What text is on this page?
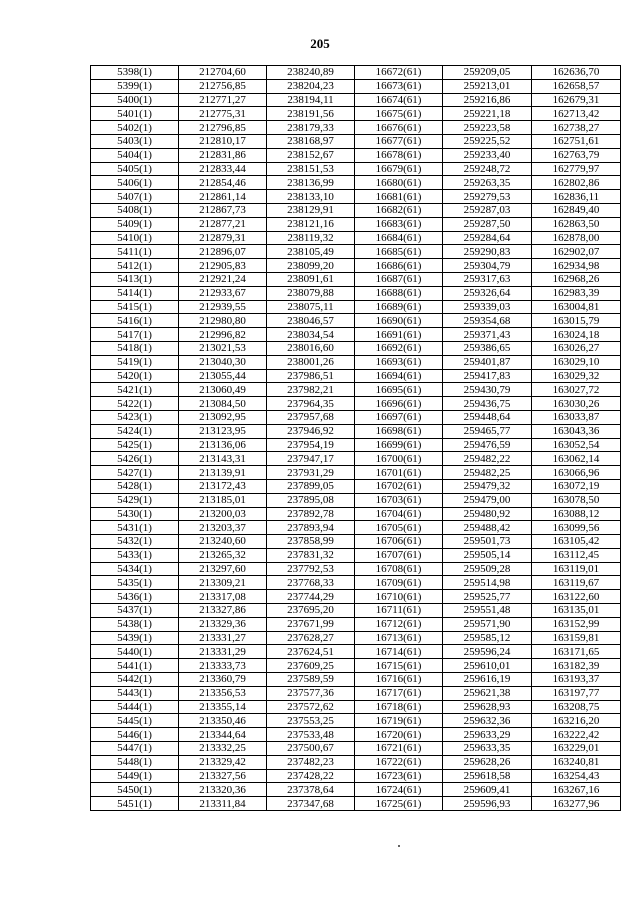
205
5398(1)	212704,60	238240,89	16672(61)	259209,05	162636,70
5399(1)	212756,85	238204,23	16673(61)	259213,01	162658,57
5400(1)	212771,27	238194,11	16674(61)	259216,86	162679,31
5401(1)	212775,31	238191,56	16675(61)	259221,18	162713,42
5402(1)	212796,85	238179,33	16676(61)	259223,58	162738,27
5403(1)	212810,17	238168,97	16677(61)	259225,52	162751,61
5404(1)	212831,86	238152,67	16678(61)	259233,40	162763,79
5405(1)	212833,44	238151,53	16679(61)	259248,72	162779,97
5406(1)	212854,46	238136,99	16680(61)	259263,35	162802,86
5407(1)	212861,14	238133,10	16681(61)	259279,53	162836,11
5408(1)	212867,73	238129,91	16682(61)	259287,03	162849,40
5409(1)	212877,21	238121,16	16683(61)	259287,50	162863,50
5410(1)	212879,31	238119,32	16684(61)	259284,64	162878,00
5411(1)	212896,07	238105,49	16685(61)	259290,83	162902,07
5412(1)	212905,83	238099,20	16686(61)	259304,79	162934,98
5413(1)	212921,24	238091,61	16687(61)	259317,63	162968,26
5414(1)	212933,67	238079,88	16688(61)	259326,64	162983,39
5415(1)	212939,55	238075,11	16689(61)	259339,03	163004,81
5416(1)	212980,80	238046,57	16690(61)	259354,68	163015,79
5417(1)	212996,82	238034,54	16691(61)	259371,43	163024,18
5418(1)	213021,53	238016,60	16692(61)	259386,65	163026,27
5419(1)	213040,30	238001,26	16693(61)	259401,87	163029,10
5420(1)	213055,44	237986,51	16694(61)	259417,83	163029,32
5421(1)	213060,49	237982,21	16695(61)	259430,79	163027,72
5422(1)	213084,50	237964,35	16696(61)	259436,75	163030,26
5423(1)	213092,95	237957,68	16697(61)	259448,64	163033,87
5424(1)	213123,95	237946,92	16698(61)	259465,77	163043,36
5425(1)	213136,06	237954,19	16699(61)	259476,59	163052,54
5426(1)	213143,31	237947,17	16700(61)	259482,22	163062,14
5427(1)	213139,91	237931,29	16701(61)	259482,25	163066,96
5428(1)	213172,43	237899,05	16702(61)	259479,32	163072,19
5429(1)	213185,01	237895,08	16703(61)	259479,00	163078,50
5430(1)	213200,03	237892,78	16704(61)	259480,92	163088,12
5431(1)	213203,37	237893,94	16705(61)	259488,42	163099,56
5432(1)	213240,60	237858,99	16706(61)	259501,73	163105,42
5433(1)	213265,32	237831,32	16707(61)	259505,14	163112,45
5434(1)	213297,60	237792,53	16708(61)	259509,28	163119,01
5435(1)	213309,21	237768,33	16709(61)	259514,98	163119,67
5436(1)	213317,08	237744,29	16710(61)	259525,77	163122,60
5437(1)	213327,86	237695,20	16711(61)	259551,48	163135,01
5438(1)	213329,36	237671,99	16712(61)	259571,90	163152,99
5439(1)	213331,27	237628,27	16713(61)	259585,12	163159,81
5440(1)	213331,29	237624,51	16714(61)	259596,24	163171,65
5441(1)	213333,73	237609,25	16715(61)	259610,01	163182,39
5442(1)	213360,79	237589,59	16716(61)	259616,19	163193,37
5443(1)	213356,53	237577,36	16717(61)	259621,38	163197,77
5444(1)	213355,14	237572,62	16718(61)	259628,93	163208,75
5445(1)	213350,46	237553,25	16719(61)	259632,36	163216,20
5446(1)	213344,64	237533,48	16720(61)	259633,29	163222,42
5447(1)	213332,25	237500,67	16721(61)	259633,35	163229,01
5448(1)	213329,42	237482,23	16722(61)	259628,26	163240,81
5449(1)	213327,56	237428,22	16723(61)	259618,58	163254,43
5450(1)	213320,36	237378,64	16724(61)	259609,41	163267,16
5451(1)	213311,84	237347,68	16725(61)	259596,93	163277,96
